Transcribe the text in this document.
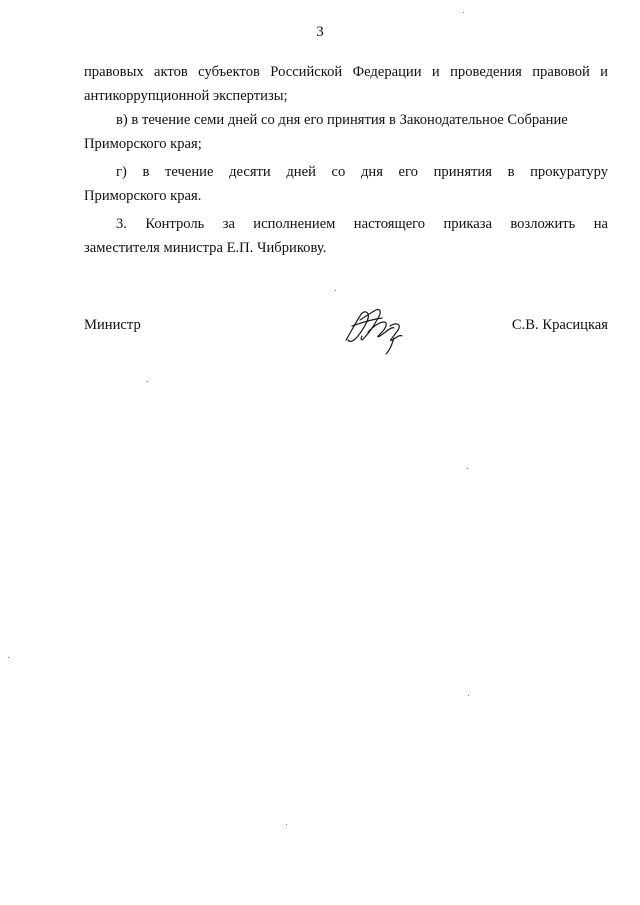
3
правовых актов субъектов Российской Федерации и проведения правовой и
антикоррупционной экспертизы;
в) в течение семи дней со дня его принятия в Законодательное Собрание
Приморского края;
г) в течение десяти дней со дня его принятия в прокуратуру
Приморского края.
3. Контроль за исполнением настоящего приказа возложить на
заместителя министра Е.П. Чибрикову.
Министр	С.В. Красицкая
